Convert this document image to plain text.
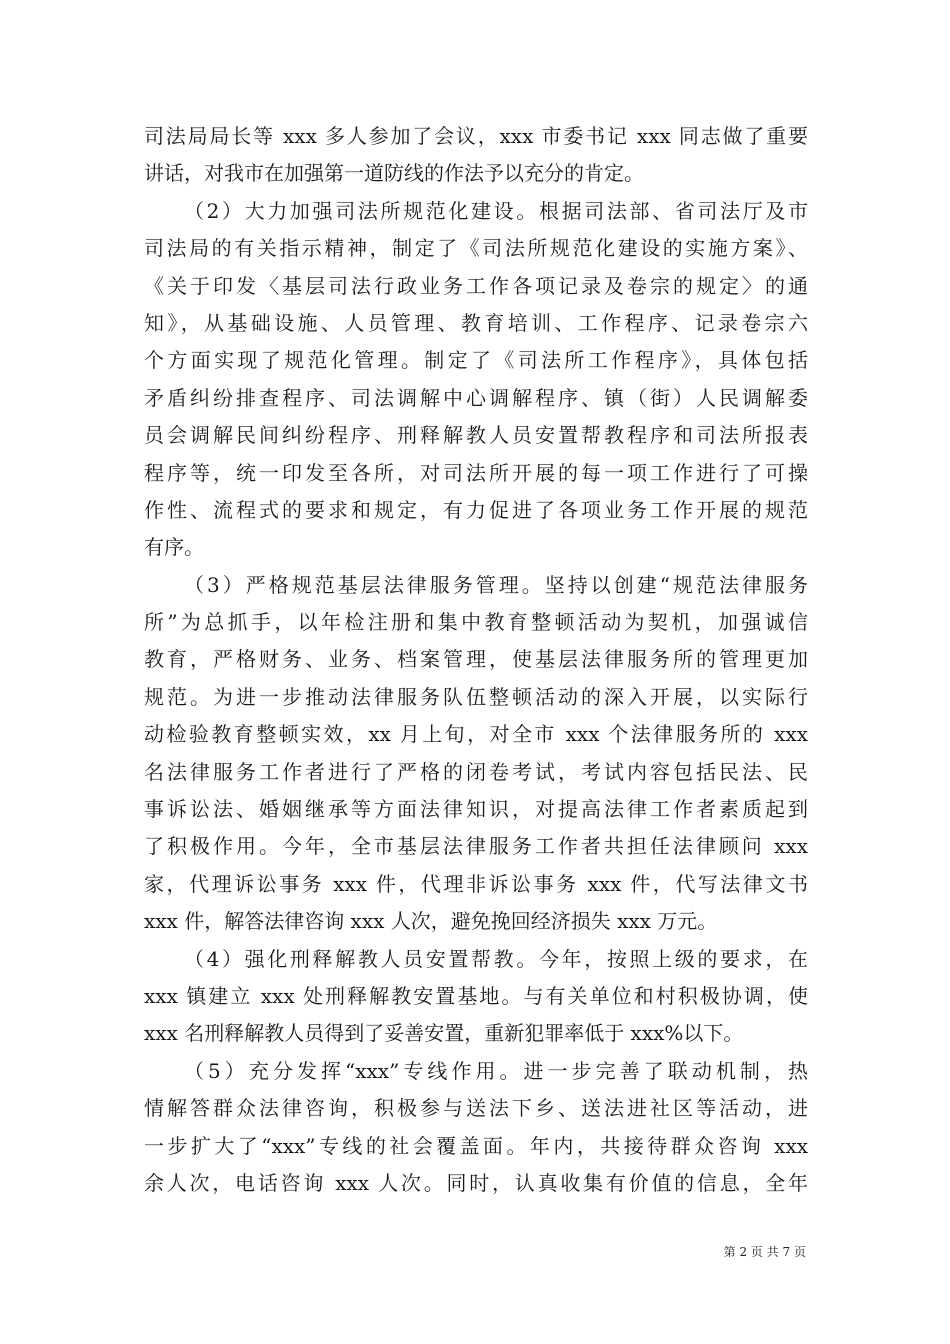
司法局局长等 xxx 多人参加了会议，xxx 市委书记 xxx 同志做了重要
讲话，对我市在加强第一道防线的作法予以充分的肯定。
（2）大力加强司法所规范化建设。根据司法部、省司法厅及市
司法局的有关指示精神，制定了《司法所规范化建设的实施方案》、
《关于印发〈基层司法行政业务工作各项记录及卷宗的规定〉的通
知》，从基础设施、人员管理、教育培训、工作程序、记录卷宗六
个方面实现了规范化管理。制定了《司法所工作程序》，具体包括
矛盾纠纷排查程序、司法调解中心调解程序、镇（街）人民调解委
员会调解民间纠纷程序、刑释解教人员安置帮教程序和司法所报表
程序等，统一印发至各所，对司法所开展的每一项工作进行了可操
作性、流程式的要求和规定，有力促进了各项业务工作开展的规范
有序。
（3）严格规范基层法律服务管理。坚持以创建“规范法律服务
所”为总抓手，以年检注册和集中教育整顿活动为契机，加强诚信
教育，严格财务、业务、档案管理，使基层法律服务所的管理更加
规范。为进一步推动法律服务队伍整顿活动的深入开展，以实际行
动检验教育整顿实效，xx 月上旬，对全市 xxx 个法律服务所的 xxx
名法律服务工作者进行了严格的闭卷考试，考试内容包括民法、民
事诉讼法、婚姻继承等方面法律知识，对提高法律工作者素质起到
了积极作用。今年，全市基层法律服务工作者共担任法律顾问 xxx
家，代理诉讼事务 xxx 件，代理非诉讼事务 xxx 件，代写法律文书
xxx 件，解答法律咨询 xxx 人次，避免挽回经济损失 xxx 万元。
（4）强化刑释解教人员安置帮教。今年，按照上级的要求，在
xxx 镇建立 xxx 处刑释解教安置基地。与有关单位和村积极协调，使
xxx 名刑释解教人员得到了妥善安置，重新犯罪率低于 xxx%以下。
（5）充分发挥“xxx”专线作用。进一步完善了联动机制，热
情解答群众法律咨询，积极参与送法下乡、送法进社区等活动，进
一步扩大了“xxx”专线的社会覆盖面。年内，共接待群众咨询 xxx
余人次，电话咨询 xxx 人次。同时，认真收集有价值的信息，全年
第 2 页 共 7 页
